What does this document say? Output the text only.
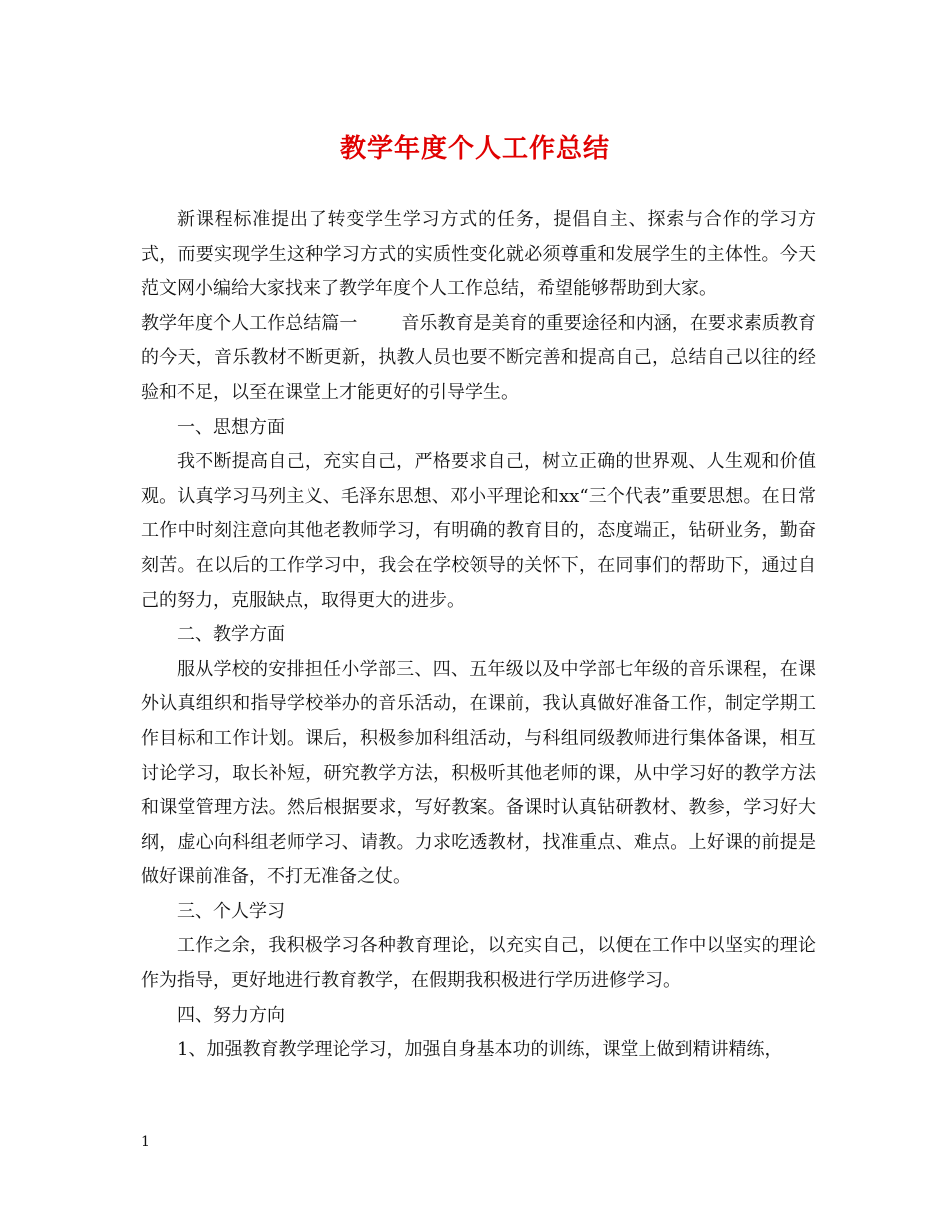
教学年度个人工作总结

新课程标准提出了转变学生学习方式的任务，提倡自主、探索与合作的学习方式，而要实现学生这种学习方式的实质性变化就必须尊重和发展学生的主体性。今天范文网小编给大家找来了教学年度个人工作总结，希望能够帮助到大家。

教学年度个人工作总结篇一 音乐教育是美育的重要途径和内涵，在要求素质教育的今天，音乐教材不断更新，执教人员也要不断完善和提高自己，总结自己以往的经验和不足，以至在课堂上才能更好的引导学生。

一、思想方面

我不断提高自己，充实自己，严格要求自己，树立正确的世界观、人生观和价值观。认真学习马列主义、毛泽东思想、邓小平理论和xx“三个代表”重要思想。在日常工作中时刻注意向其他老教师学习，有明确的教育目的，态度端正，钻研业务，勤奋刻苦。在以后的工作学习中，我会在学校领导的关怀下，在同事们的帮助下，通过自己的努力，克服缺点，取得更大的进步。

二、教学方面

服从学校的安排担任小学部三、四、五年级以及中学部七年级的音乐课程，在课外认真组织和指导学校举办的音乐活动，在课前，我认真做好准备工作，制定学期工作目标和工作计划。课后，积极参加科组活动，与科组同级教师进行集体备课，相互讨论学习，取长补短，研究教学方法，积极听其他老师的课，从中学习好的教学方法和课堂管理方法。然后根据要求，写好教案。备课时认真钻研教材、教参，学习好大纲，虚心向科组老师学习、请教。力求吃透教材，找准重点、难点。上好课的前提是做好课前准备，不打无准备之仗。

三、个人学习

工作之余，我积极学习各种教育理论，以充实自己，以便在工作中以坚实的理论作为指导，更好地进行教育教学，在假期我积极进行学历进修学习。

四、努力方向

1、加强教育教学理论学习，加强自身基本功的训练，课堂上做到精讲精练，

1
